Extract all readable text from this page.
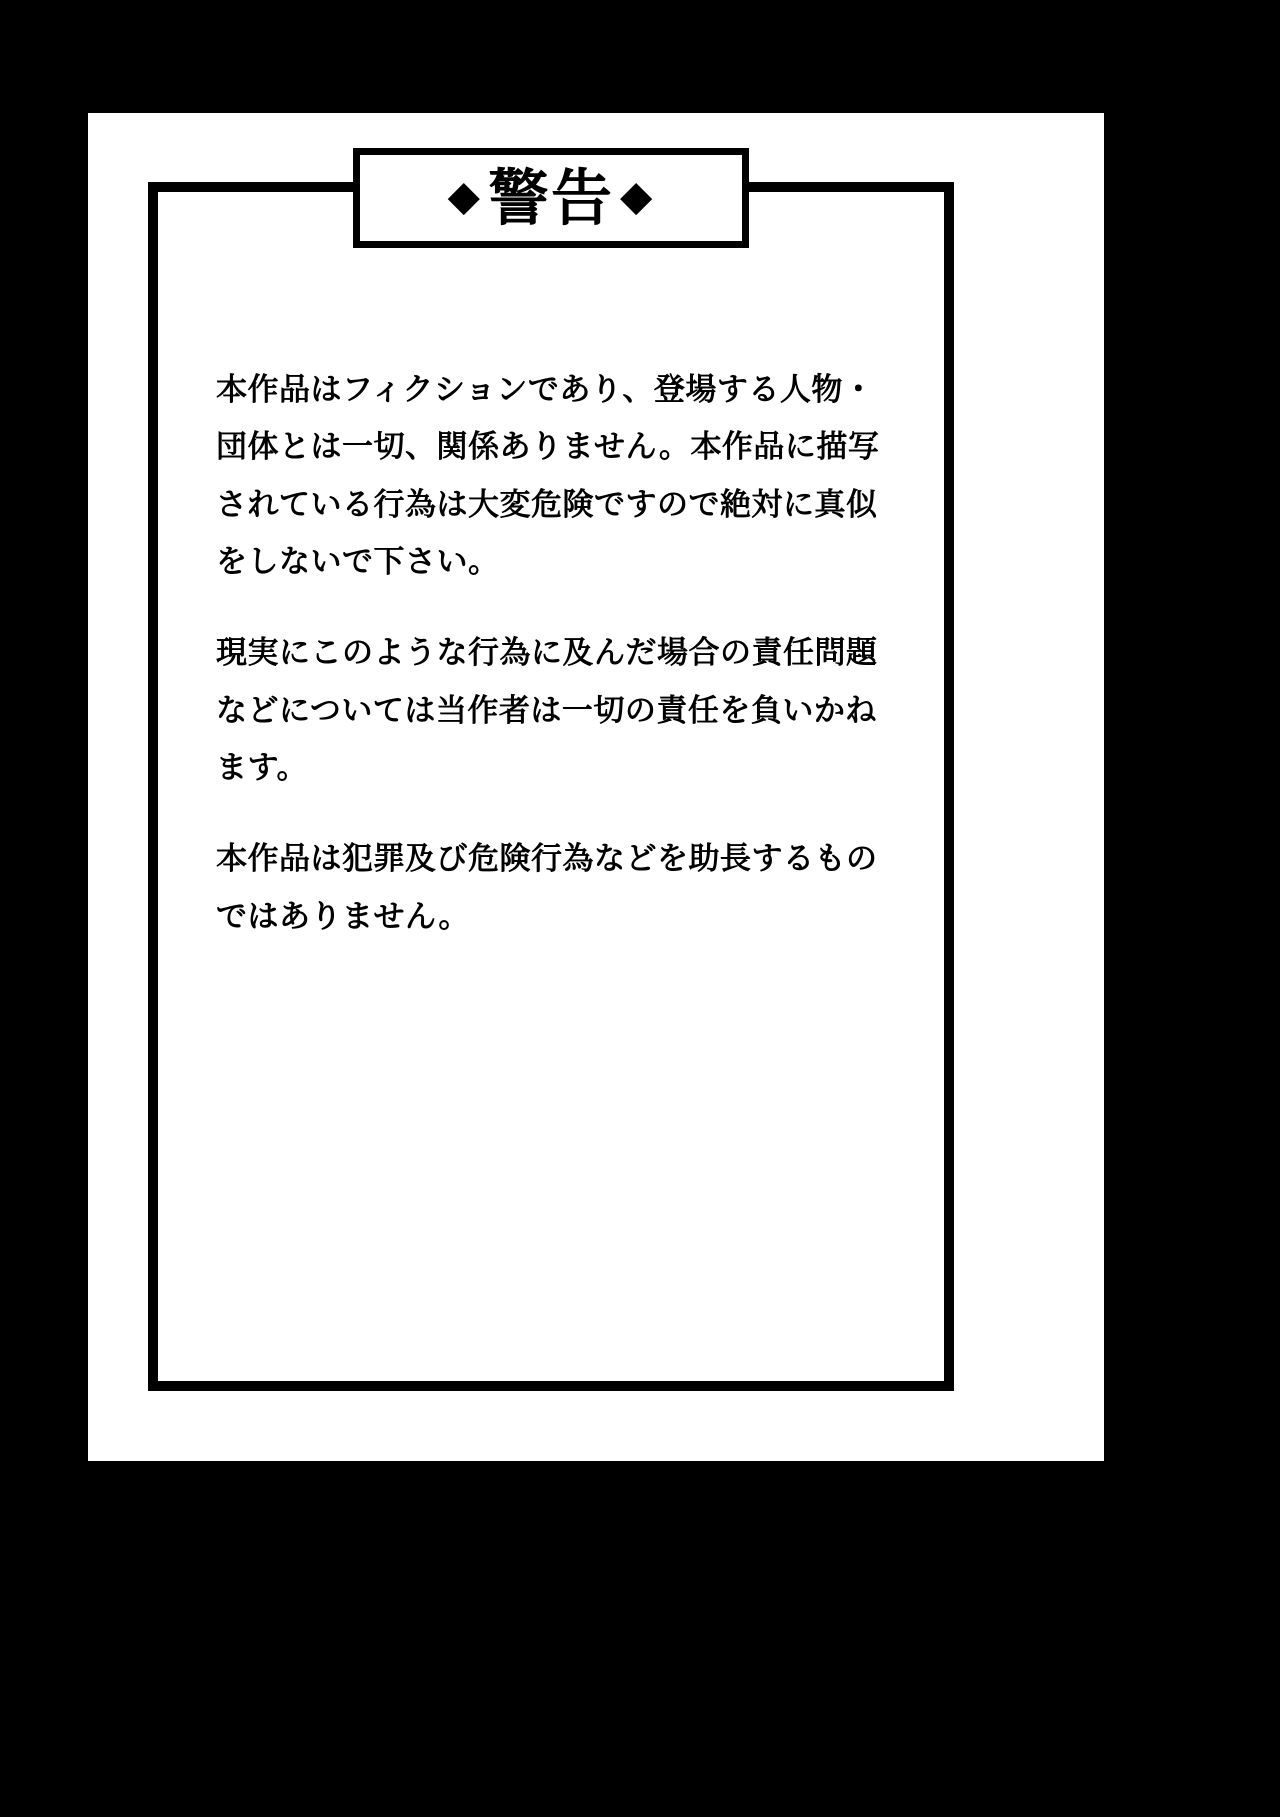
◆ 警告 ◆

本作品はフィクションであり、登場する人物・団体とは一切、関係ありません。本作品に描写されている行為は大変危険ですので絶対に真似をしないで下さい。

現実にこのような行為に及んだ場合の責任問題などについては当作者は一切の責任を負いかねます。

本作品は犯罪及び危険行為などを助長するものではありません。
